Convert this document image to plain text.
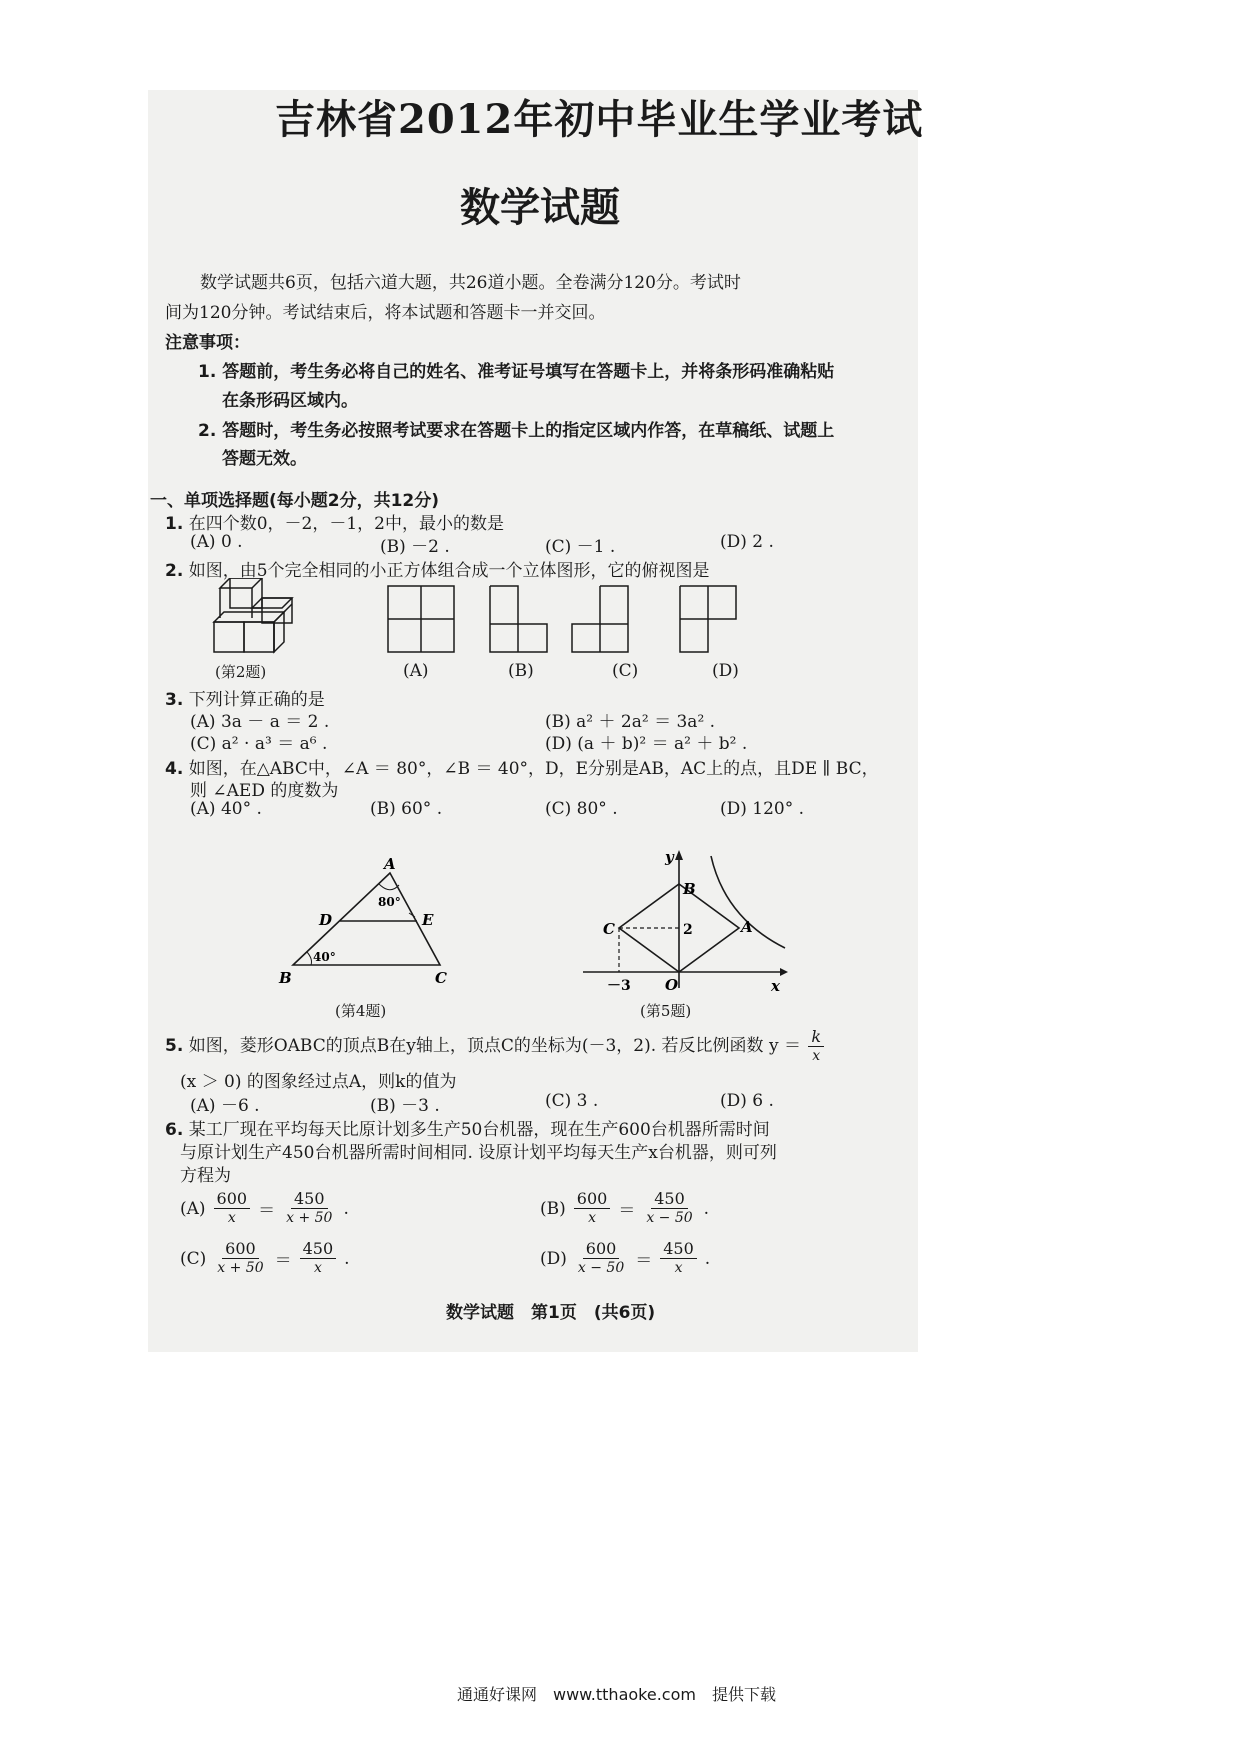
吉林省2012年初中毕业生学业考试
数学试题
数学试题共6页，包括六道大题，共26道小题。全卷满分120分。考试时
间为120分钟。考试结束后，将本试题和答题卡一并交回。
注意事项：
1. 答题前，考生务必将自己的姓名、准考证号填写在答题卡上，并将条形码准确粘贴
在条形码区域内。
2. 答题时，考生务必按照考试要求在答题卡上的指定区域内作答，在草稿纸、试题上
答题无效。
一、单项选择题(每小题2分，共12分)
1. 在四个数0，－2，－1，2中，最小的数是
(A) 0 .	(B) －2 .	(C) －1 .	(D) 2 .
2. 如图，由5个完全相同的小正方体组合成一个立体图形，它的俯视图是
(第2题)	(A)	(B)	(C)	(D)
3. 下列计算正确的是
(A) 3a － a ＝ 2 .	(B) a² ＋ 2a² ＝ 3a² .
(C) a² · a³ ＝ a⁶ .	(D) (a ＋ b)² ＝ a² ＋ b² .
4. 如图，在△ABC中，∠A ＝ 80°，∠B ＝ 40°，D，E分别是AB，AC上的点，且DE ∥ BC，
则 ∠AED 的度数为
(A) 40° .	(B) 60° .	(C) 80° .	(D) 120° .
A
B	C
D	E
80°
40°
y
x
B
A
C
O
2
－3
(第4题)	(第5题)
5. 如图，菱形OABC的顶点B在y轴上，顶点C的坐标为(－3，2). 若反比例函数 $y = \frac{k}{x}$
(x ＞ 0) 的图象经过点A，则k的值为
(A) －6 .	(B) －3 .	(C) 3 .	(D) 6 .
6. 某工厂现在平均每天比原计划多生产50台机器，现在生产600台机器所需时间
与原计划生产450台机器所需时间相同. 设原计划平均每天生产x台机器，则可列
方程为
$(A) \frac{600}{x} = \frac{450}{x + 50}$ .	$(B) \frac{600}{x} = \frac{450}{x - 50}$ .
$(C) \frac{600}{x + 50} = \frac{450}{x}$ .	$(D) \frac{600}{x - 50} = \frac{450}{x}$ .
数学试题　第1页　(共6页)
通通好课网　www.tthaoke.com　提供下载
